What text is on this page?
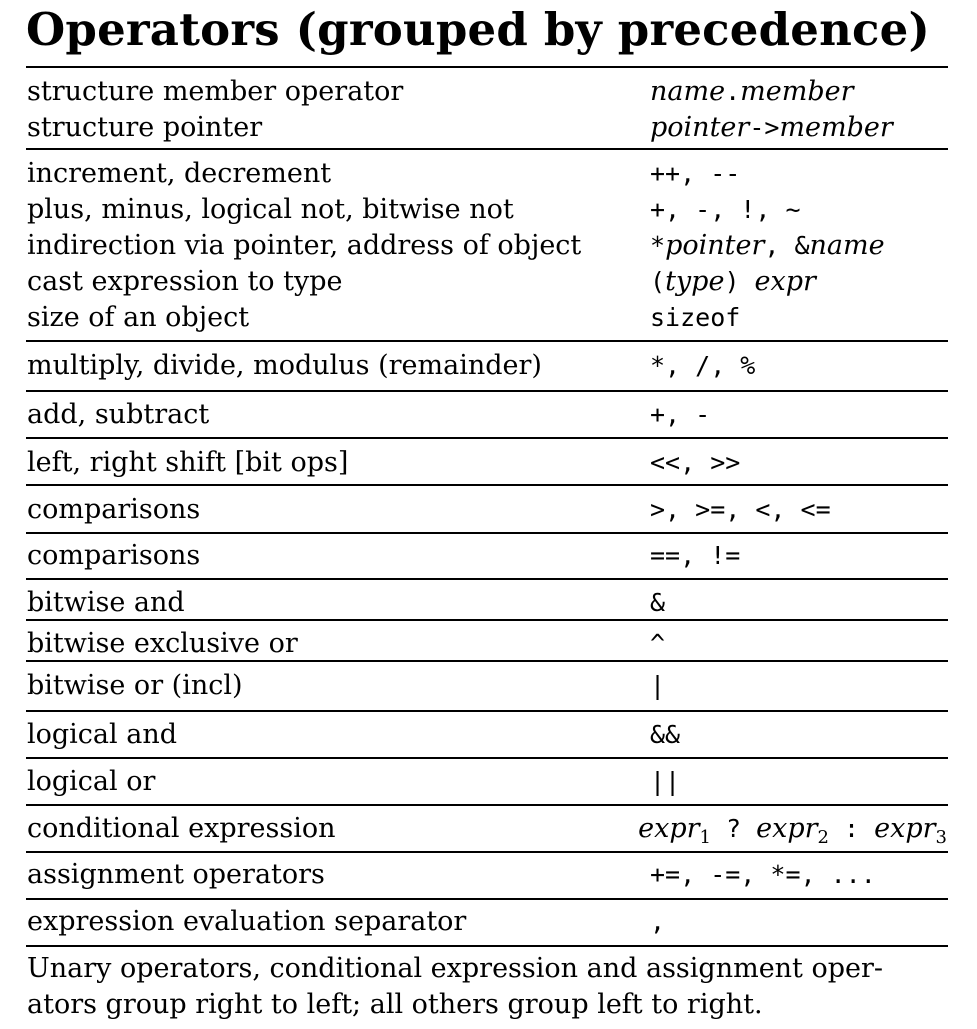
Operators (grouped by precedence)
structure member operator	name.member
structure pointer	pointer->member
increment, decrement	++, --
plus, minus, logical not, bitwise not	+, -, !, ~
indirection via pointer, address of object	*pointer, &name
cast expression to type	(type) expr
size of an object	sizeof
multiply, divide, modulus (remainder)	*, /, %
add, subtract	+, -
left, right shift [bit ops]	<<, >>
comparisons	>, >=, <, <=
comparisons	==, !=
bitwise and	&
bitwise exclusive or	^
bitwise or (incl)	|
logical and	&&
logical or	||
conditional expression	expr$_1$ ? expr$_2$ : expr$_3$
assignment operators	+=, -=, *=, ...
expression evaluation separator	,
Unary operators, conditional expression and assignment oper-
ators group right to left; all others group left to right.
